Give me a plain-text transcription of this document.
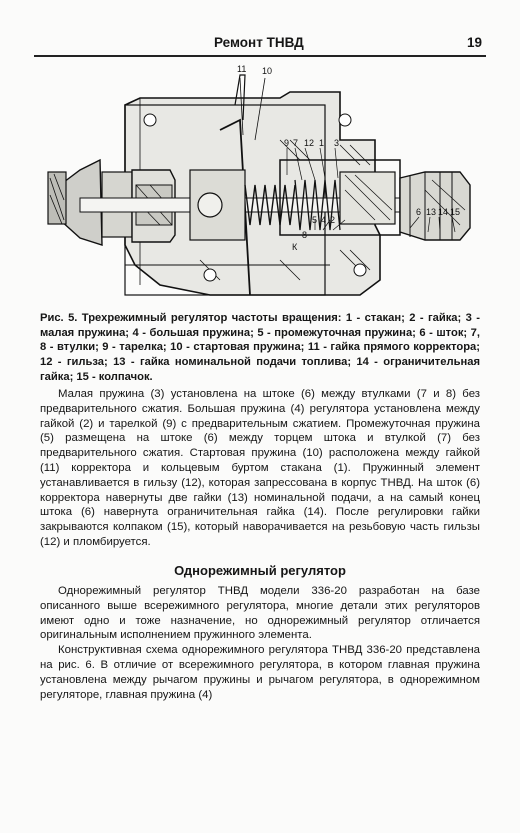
Ремонт ТНВД	19
11 10
9 7 12 1 3
5 4 2
8
К
6 13 14 15
Рис. 5. Трехрежимный регулятор частоты вращения: 1 - стакан; 2 - гайка; 3 - малая пружина; 4 - большая пружина; 5 - промежуточная пружина; 6 - шток; 7, 8 - втулки; 9 - тарелка; 10 - стартовая пружина; 11 - гайка прямого корректора; 12 - гильза; 13 - гайка номинальной подачи топлива; 14 - ограничительная гайка; 15 - колпачок.

Малая пружина (3) установлена на штоке (6) между втулками (7 и 8) без предварительного сжатия. Большая пружина (4) регулятора установлена между гайкой (2) и тарелкой (9) с предварительным сжатием. Промежуточная пружина (5) размещена на штоке (6) между торцем штока и втулкой (7) без предварительного сжатия. Стартовая пружина (10) расположена между гайкой (11) корректора и кольцевым буртом стакана (1). Пружинный элемент устанавливается в гильзу (12), которая запрессована в корпус ТНВД. На шток (6) корректора навернуты две гайки (13) номинальной подачи, а на самый конец штока (6) навернута ограничительная гайка (14). После регулировки гайки закрываются колпаком (15), который наворачивается на резьбовую часть гильзы (12) и пломбируется.

Однорежимный регулятор

Однорежимный регулятор ТНВД модели 336-20 разработан на базе описанного выше всережимного регулятора, многие детали этих регуляторов имеют одно и тоже назначение, но однорежимный регулятор отличается оригинальным исполнением пружинного элемента.

Конструктивная схема однорежимного регулятора ТНВД 336-20 представлена на рис. 6. В отличие от всережимного регулятора, в котором главная пружина установлена между рычагом пружины и рычагом регулятора, в однорежимном регуляторе, главная пружина (4)
